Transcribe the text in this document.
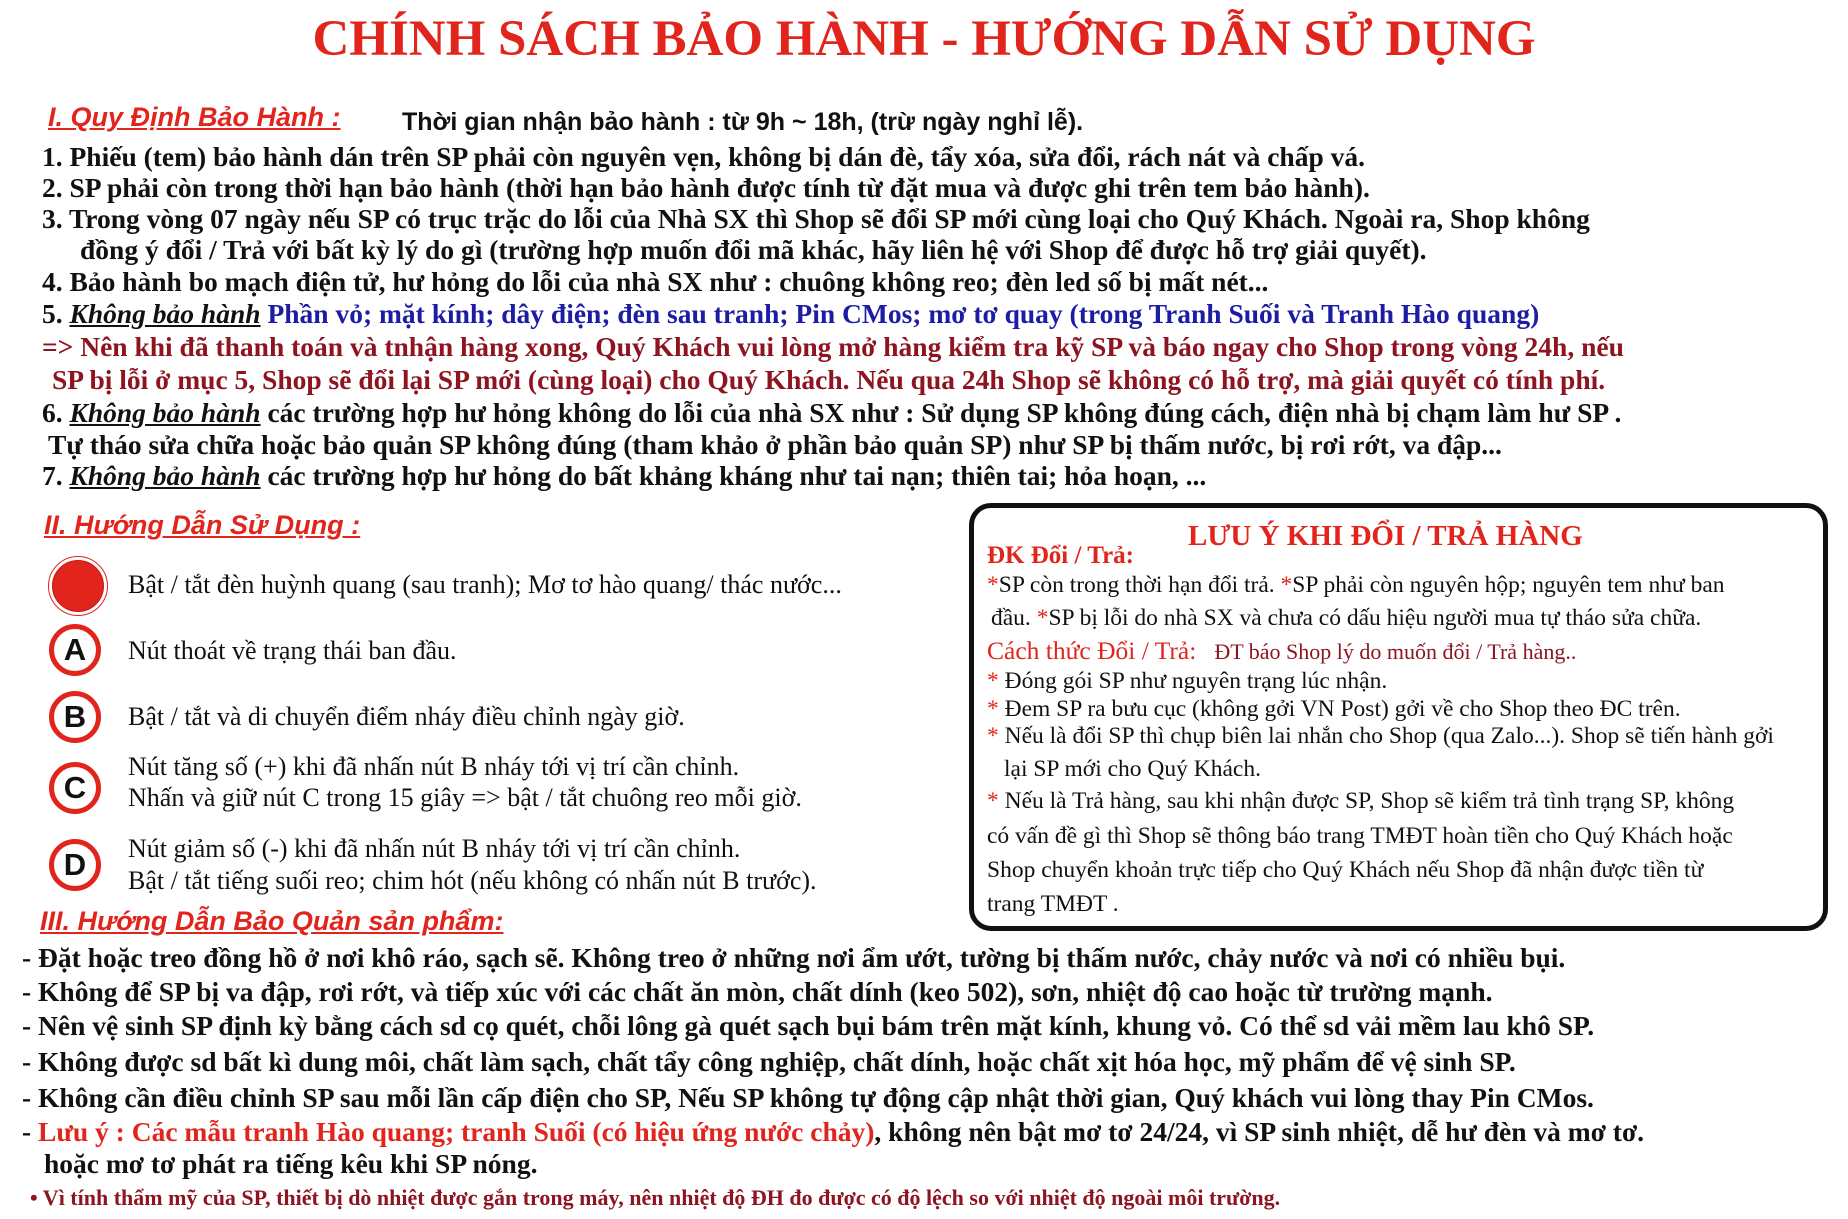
CHÍNH SÁCH BẢO HÀNH - HƯỚNG DẪN SỬ DỤNG
I. Quy Định Bảo Hành : Thời gian nhận bảo hành : từ 9h ~ 18h, (trừ ngày nghỉ lễ).
1. Phiếu (tem) bảo hành dán trên SP phải còn nguyên vẹn, không bị dán đè, tẩy xóa, sửa đổi, rách nát và chấp vá.
2. SP phải còn trong thời hạn bảo hành (thời hạn bảo hành được tính từ đặt mua và được ghi trên tem bảo hành).
3. Trong vòng 07 ngày nếu SP có trục trặc do lỗi của Nhà SX thì Shop sẽ đổi SP mới cùng loại cho Quý Khách. Ngoài ra, Shop không
đồng ý đổi / Trả với bất kỳ lý do gì (trường hợp muốn đổi mã khác, hãy liên hệ với Shop để được hỗ trợ giải quyết).
4. Bảo hành bo mạch điện tử, hư hỏng do lỗi của nhà SX như : chuông không reo; đèn led số bị mất nét...
5. Không bảo hành Phần vỏ; mặt kính; dây điện; đèn sau tranh; Pin CMos; mơ tơ quay (trong Tranh Suối và Tranh Hào quang)
=> Nên khi đã thanh toán và tnhận hàng xong, Quý Khách vui lòng mở hàng kiểm tra kỹ SP và báo ngay cho Shop trong vòng 24h, nếu
SP bị lỗi ở mục 5, Shop sẽ đổi lại SP mới (cùng loại) cho Quý Khách. Nếu qua 24h Shop sẽ không có hỗ trợ, mà giải quyết có tính phí.
6. Không bảo hành các trường hợp hư hỏng không do lỗi của nhà SX như : Sử dụng SP không đúng cách, điện nhà bị chạm làm hư SP .
Tự tháo sửa chữa hoặc bảo quản SP không đúng (tham khảo ở phần bảo quản SP) như SP bị thấm nước, bị rơi rớt, va đập...
7. Không bảo hành các trường hợp hư hỏng do bất khảng kháng như tai nạn; thiên tai; hỏa hoạn, ...
II. Hướng Dẫn Sử Dụng :
Bật / tắt đèn huỳnh quang (sau tranh); Mơ tơ hào quang/ thác nước...
A	Nút thoát về trạng thái ban đầu.
B	Bật / tắt và di chuyển điểm nháy điều chỉnh ngày giờ.
C
Nút tăng số (+) khi đã nhấn nút B nháy tới vị trí cần chỉnh.
Nhấn và giữ nút C trong 15 giây => bật / tắt chuông reo mỗi giờ.
D	Nút giảm số (-) khi đã nhấn nút B nháy tới vị trí cần chỉnh.
Bật / tắt tiếng suối reo; chim hót (nếu không có nhấn nút B trước).
LƯU Ý KHI ĐỔI / TRẢ HÀNG
ĐK Đổi / Trả:
*SP còn trong thời hạn đổi trả. *SP phải còn nguyên hộp; nguyên tem như ban
đầu. *SP bị lỗi do nhà SX và chưa có dấu hiệu người mua tự tháo sửa chữa.
Cách thức Đổi / Trả: ĐT báo Shop lý do muốn đổi / Trả hàng..
* Đóng gói SP như nguyên trạng lúc nhận.
* Đem SP ra bưu cục (không gởi VN Post) gởi về cho Shop theo ĐC trên.
* Nếu là đổi SP thì chụp biên lai nhắn cho Shop (qua Zalo...). Shop sẽ tiến hành gởi
lại SP mới cho Quý Khách.
* Nếu là Trả hàng, sau khi nhận được SP, Shop sẽ kiểm trả tình trạng SP, không
có vấn đề gì thì Shop sẽ thông báo trang TMĐT hoàn tiền cho Quý Khách hoặc
Shop chuyển khoản trực tiếp cho Quý Khách nếu Shop đã nhận được tiền từ
trang TMĐT .
III. Hướng Dẫn Bảo Quản sản phẩm:
- Đặt hoặc treo đồng hồ ở nơi khô ráo, sạch sẽ. Không treo ở những nơi ẩm ướt, tường bị thấm nước, chảy nước và nơi có nhiều bụi.
- Không để SP bị va đập, rơi rớt, và tiếp xúc với các chất ăn mòn, chất dính (keo 502), sơn, nhiệt độ cao hoặc từ trường mạnh.
- Nên vệ sinh SP định kỳ bằng cách sd cọ quét, chỗi lông gà quét sạch bụi bám trên mặt kính, khung vỏ. Có thể sd vải mềm lau khô SP.
- Không được sd bất kì dung môi, chất làm sạch, chất tẩy công nghiệp, chất dính, hoặc chất xịt hóa học, mỹ phẩm để vệ sinh SP.
- Không cần điều chỉnh SP sau mỗi lần cấp điện cho SP, Nếu SP không tự động cập nhật thời gian, Quý khách vui lòng thay Pin CMos.
- Lưu ý : Các mẫu tranh Hào quang; tranh Suối (có hiệu ứng nước chảy), không nên bật mơ tơ 24/24, vì SP sinh nhiệt, dễ hư đèn và mơ tơ.
hoặc mơ tơ phát ra tiếng kêu khi SP nóng.
• Vì tính thẩm mỹ của SP, thiết bị dò nhiệt được gắn trong máy, nên nhiệt độ ĐH đo được có độ lệch so với nhiệt độ ngoài môi trường.
